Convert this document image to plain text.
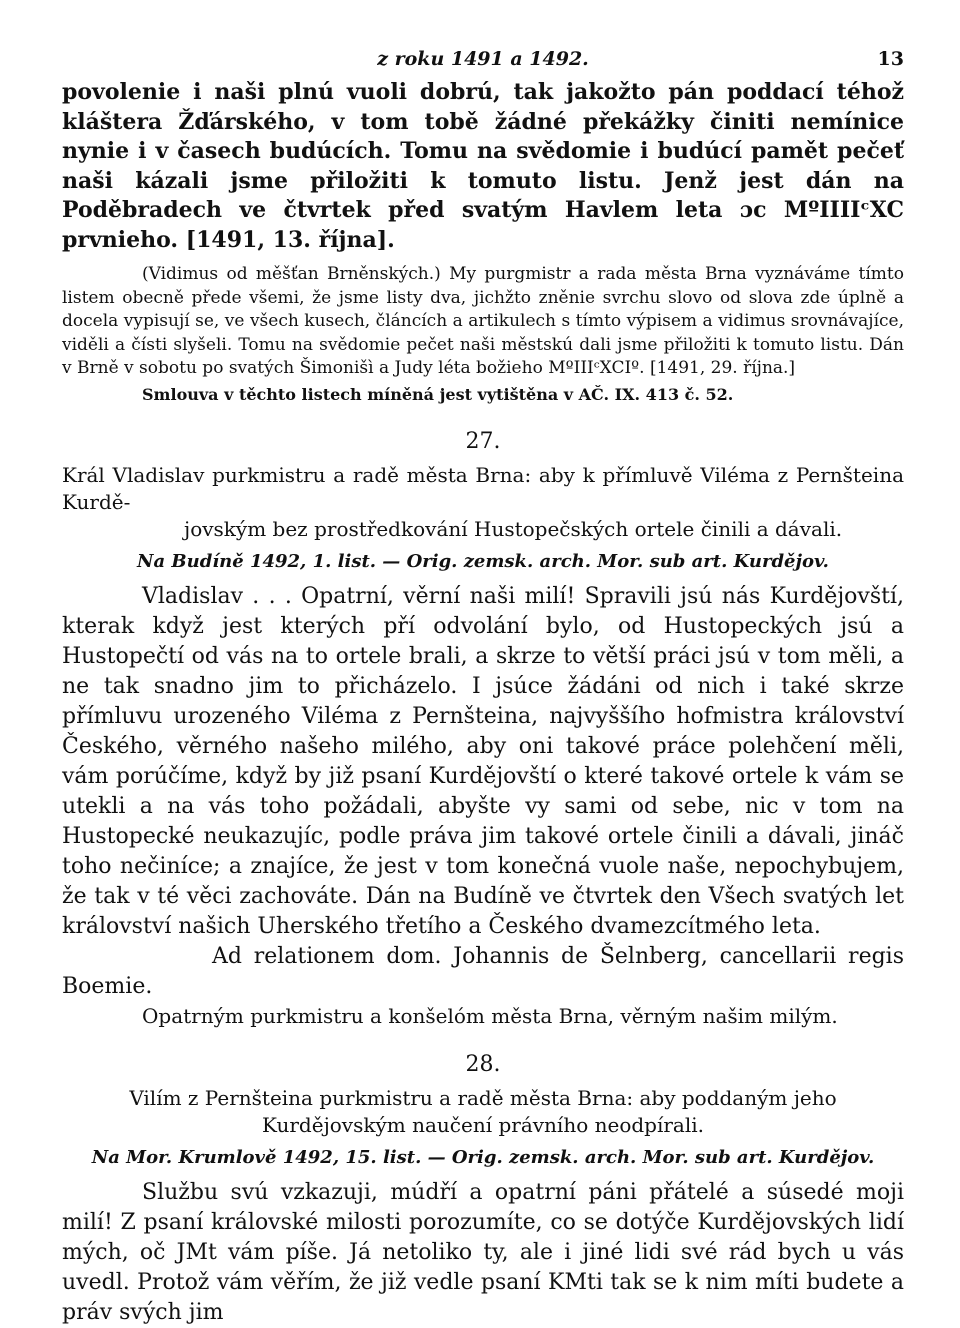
z roku 1491 a 1492.	13

povolenie i naši plnú vuoli dobrú, tak jakožto pán poddací téhož kláštera Žďárského, v tom tobě žádné překážky činiti nemínice nynie i v časech budúcích. Tomu na svědomie i budúcí pamět pečeť naši kázali jsme přiložiti k tomuto listu. Jenž jest dán na Poděbradech ve čtvrtek před svatým Havlem leta ɔc MºIIIIᶜXC prvnieho. [1491, 13. října].

(Vidimus od měšťan Brněnských.) My purgmistr a rada města Brna vyznáváme tímto listem obecně přede všemi, že jsme listy dva, jichžto zněnie svrchu slovo od slova zde úplně a docela vypisují se, ve všech kusech, článcích a artikulech s tímto výpisem a vidimus srovnávajíce, viděli a čísti slyšeli. Tomu na svědomie pečet naši městskú dali jsme přiložiti k tomuto listu. Dán v Brně v sobotu po svatých Šimonišì a Judy léta božieho MºIIIᶜXCIº. [1491, 29. října.]

Smlouva v těchto listech míněná jest vytištěna v AČ. IX. 413 č. 52.

27.
Král Vladislav purkmistru a radě města Brna: aby k přímluvě Viléma z Pernšteina Kurdě-
jovským bez prostředkování Hustopečských ortele činili a dávali.
Na Budíně 1492, 1. list. — Orig. zemsk. arch. Mor. sub art. Kurdějov.

Vladislav . . . Opatrní, věrní naši milí! Spravili jsú nás Kurdějovští, kterak když jest kterých pří odvolání bylo, od Hustopeckých jsú a Hustopečtí od vás na to ortele brali, a skrze to větší práci jsú v tom měli, a ne tak snadno jim to přicházelo. I jsúce žádáni od nich i také skrze přímluvu urozeného Viléma z Pernšteina, najvyššího hofmistra království Českého, věrného našeho milého, aby oni takové práce polehčení měli, vám porúčíme, když by již psaní Kurdějovští o které takové ortele k vám se utekli a na vás toho požádali, abyšte vy sami od sebe, nic v tom na Hustopecké neukazujíc, podle práva jim takové ortele činili a dávali, jináč toho nečiníce; a znajíce, že jest v tom konečná vuole naše, nepochybujem, že tak v té věci zachováte. Dán na Budíně ve čtvrtek den Všech svatých let království našich Uherského třetího a Českého dvamezcítmého leta.

Ad relationem dom. Johannis de Šelnberg, cancellarii regis Boemie.

Opatrným purkmistru a konšelóm města Brna, věrným našim milým.

28.
Vilím z Pernšteina purkmistru a radě města Brna: aby poddaným jeho Kurdějovským naučení právního neodpírali.
Na Mor. Krumlově 1492, 15. list. — Orig. zemsk. arch. Mor. sub art. Kurdějov.

Službu svú vzkazuji, múdří a opatrní páni přátelé a súsedé moji milí! Z psaní královské milosti porozumíte, co se dotýče Kurdějovských lidí mých, oč JMt vám píše. Já netoliko ty, ale i jiné lidi své rád bych u vás uvedl. Protož vám věřím, že již vedle psaní KMti tak se k nim míti budete a práv svých jim
